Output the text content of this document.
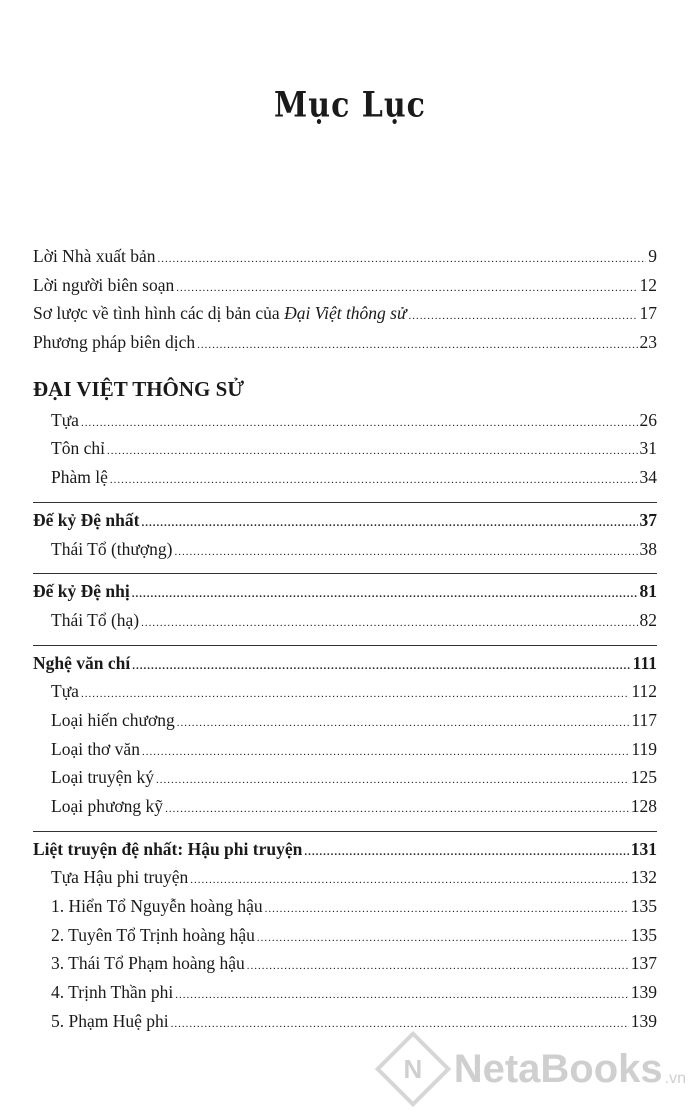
Mục Lục
Lời Nhà xuất bản .....	9
Lời người biên soạn .....	12
Sơ lược về tình hình các dị bản của Đại Việt thông sử .....	17
Phương pháp biên dịch .....	23
ĐẠI VIỆT THÔNG SỬ
Tựa .....	26
Tôn chỉ .....	31
Phàm lệ .....	34
Đế kỷ Đệ nhất .....	37
Thái Tổ (thượng) .....	38
Đế kỷ Đệ nhị .....	81
Thái Tổ (hạ) .....	82
Nghệ văn chí .....	111
Tựa .....	112
Loại hiến chương .....	117
Loại thơ văn .....	119
Loại truyện ký .....	125
Loại phương kỹ .....	128
Liệt truyện đệ nhất: Hậu phi truyện .....	131
Tựa Hậu phi truyện .....	132
1. Hiển Tổ Nguyễn hoàng hậu .....	135
2. Tuyên Tổ Trịnh hoàng hậu .....	135
3. Thái Tổ Phạm hoàng hậu .....	137
4. Trịnh Thần phi .....	139
5. Phạm Huệ phi .....	139
N NetaBooks .vn
